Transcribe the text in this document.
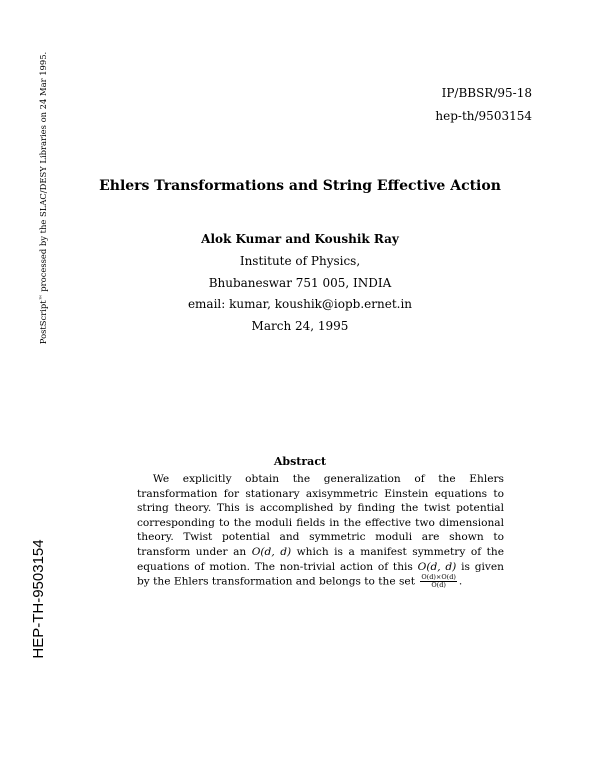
IP/BBSR/95-18
hep-th/9503154
Ehlers Transformations and String Effective Action
Alok Kumar and Koushik Ray
Institute of Physics,
Bhubaneswar 751 005, INDIA
email: kumar, koushik@iopb.ernet.in
March 24, 1995
Abstract
We explicitly obtain the generalization of the Ehlers transformation for stationary axisymmetric Einstein equations to string theory. This is accomplished by finding the twist potential corresponding to the moduli fields in the effective two dimensional theory. Twist potential and symmetric moduli are shown to transform under an O(d, d) which is a manifest symmetry of the equations of motion. The non-trivial action of this O(d, d) is given by the Ehlers transformation and belongs to the set $\frac{O(d)\times O(d)}{O(d)}$ .
PostScript™ processed by the SLAC/DESY Libraries on 24 Mar 1995.
HEP-TH-9503154
